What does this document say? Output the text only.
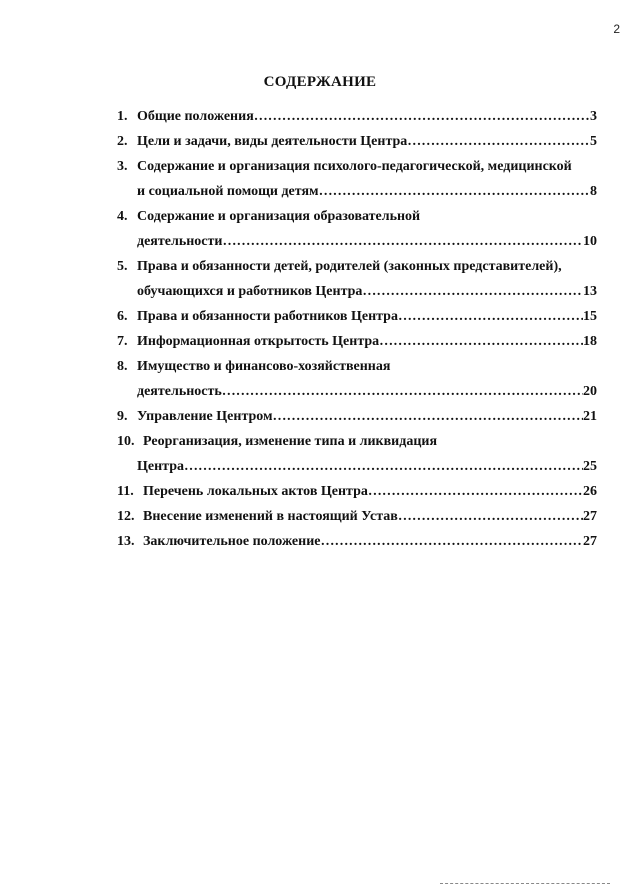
2
СОДЕРЖАНИЕ
1. Общие положения ……………………………………………………………………………………………………………………………………	3
2. Цели и задачи, виды деятельности Центра ……………………………………………………………………………………………………………………………………	5
3. Содержание и организация психолого-педагогической, медицинской
и социальной помощи детям ……………………………………………………………………………………………………………………………………	8
4. Содержание и организация образовательной
деятельности ……………………………………………………………………………………………………………………………………	10
5. Права и обязанности детей, родителей (законных представителей),
обучающихся и работников Центра ……………………………………………………………………………………………………………………………………	13
6. Права и обязанности работников Центра ……………………………………………………………………………………………………………………………………	15
7. Информационная открытость Центра ……………………………………………………………………………………………………………………………………	18
8. Имущество и финансово-хозяйственная
деятельность ……………………………………………………………………………………………………………………………………	20
9. Управление Центром ……………………………………………………………………………………………………………………………………	21
10. Реорганизация, изменение типа и ликвидация
Центра ……………………………………………………………………………………………………………………………………	25
11. Перечень локальных актов Центра ……………………………………………………………………………………………………………………………………	26
12. Внесение изменений в настоящий Устав ……………………………………………………………………………………………………………………………………	27
13. Заключительное положение ……………………………………………………………………………………………………………………………………	27
